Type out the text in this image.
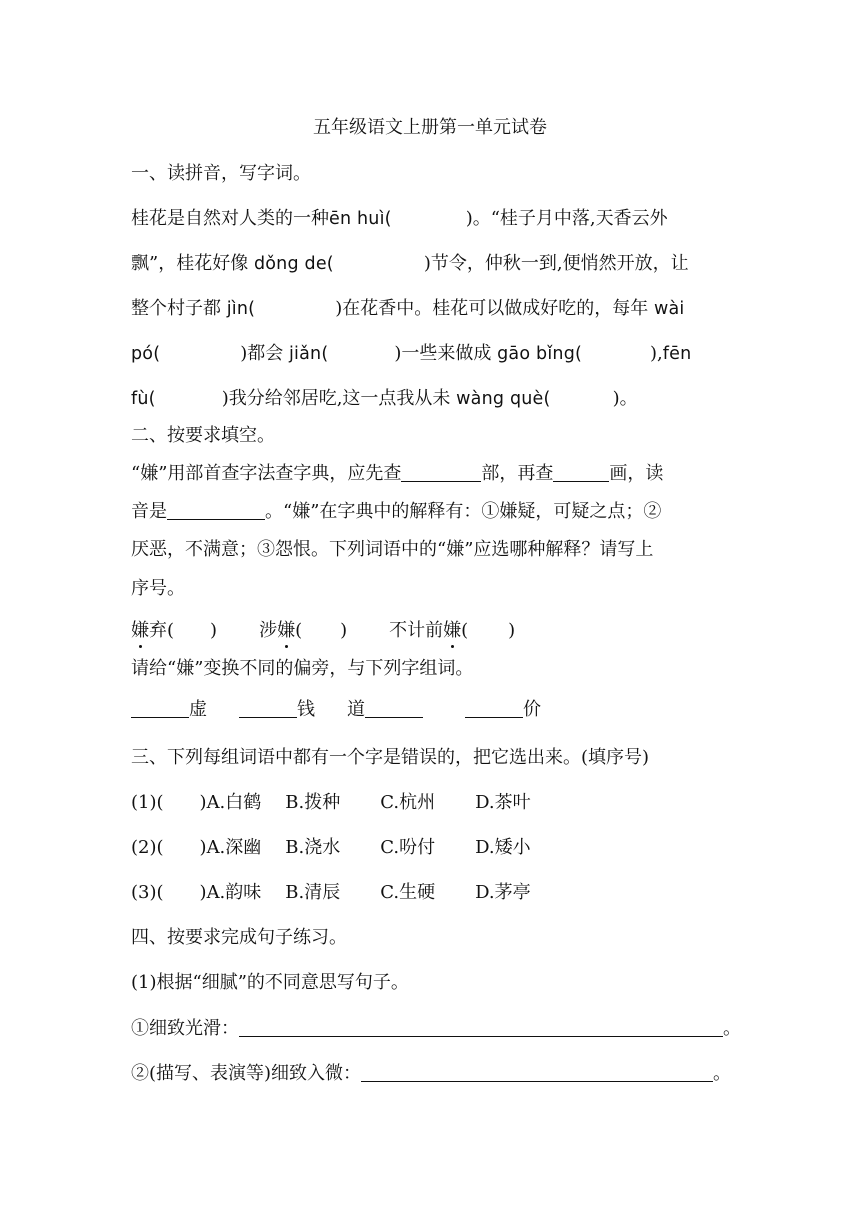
五年级语文上册第一单元试卷
一、读拼音，写字词。
桂花是自然对人类的一种ēn huì(	)。“桂子月中落,天香云外
飘”，桂花好像 dǒng de(	)节令，仲秋一到,便悄然开放，让
整个村子都 jìn(	)在花香中。桂花可以做成好吃的，每年 wài
pó(	)都会 jiǎn(	)一些来做成 gāo bǐng(	),fēn
fù(	)我分给邻居吃,这一点我从未 wàng què(	)。
二、按要求填空。
“嫌”用部首查字法查字典，应先查	部，再查	画，读
音是	。“嫌”在字典中的解释有：①嫌疑，可疑之点；②
厌恶，不满意；③怨恨。下列词语中的“嫌”应选哪种解释？请写上
序号。
嫌弃( ) 涉嫌( ) 不计前嫌( )
请给“嫌”变换不同的偏旁，与下列字组词。
虚	钱 道	价
三、下列每组词语中都有一个字是错误的，把它选出来。(填序号)
(1)( )A.白鹤 B.拨种 C.杭州 D.茶叶
(2)( )A.深幽 B.浇水 C.吩付 D.矮小
(3)( )A.韵味 B.清辰 C.生硬 D.茅亭
四、按要求完成句子练习。
(1)根据“细腻”的不同意思写句子。
①细致光滑：	。
②(描写、表演等)细致入微：	。
